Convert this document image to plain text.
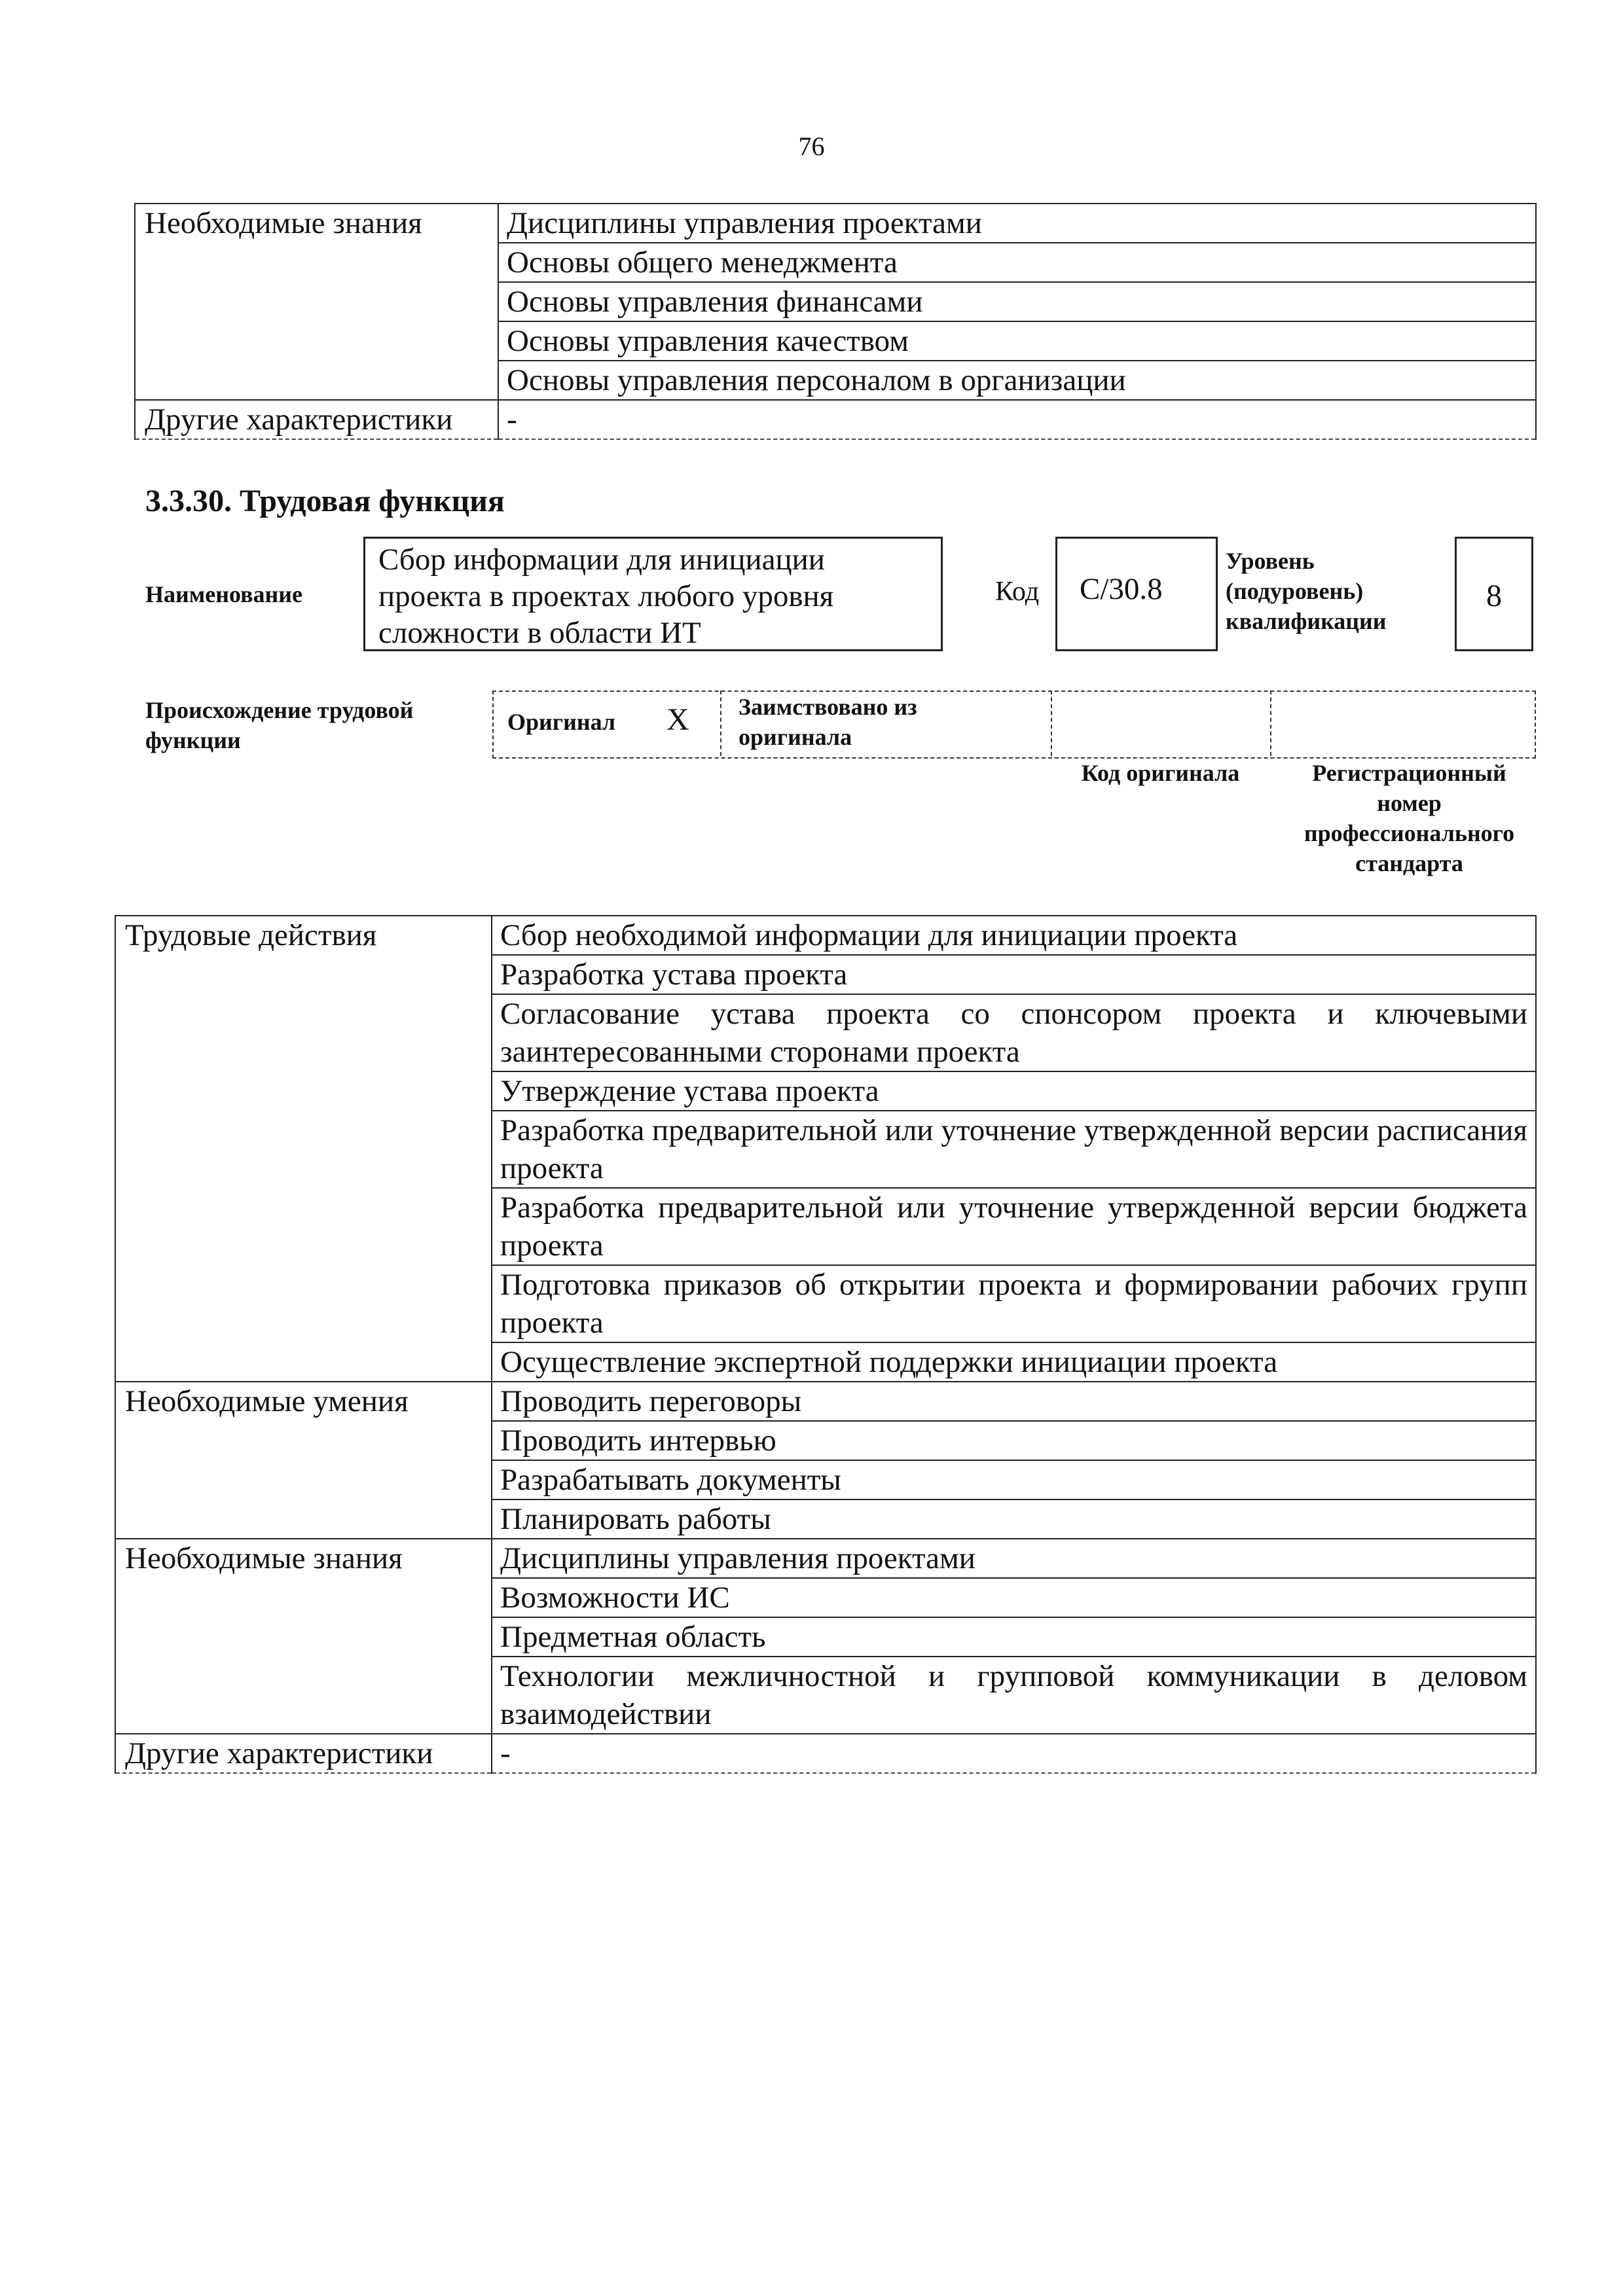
76
Необходимые знания	Дисциплины управления проектами
	Основы общего менеджмента
	Основы управления финансами
	Основы управления качеством
	Основы управления персоналом в организации
Другие характеристики	-
3.3.30. Трудовая функция
Наименование
Сбор информации для инициации проекта в проектах любого уровня сложности в области ИТ
Код	C/30.8
Уровень
(подуровень)
квалификации
8
Происхождение трудовой функции
Оригинал X Заимствовано из оригинала
Код оригинала	Регистрационный номер профессионального стандарта
Трудовые действия	Сбор необходимой информации для инициации проекта
	Разработка устава проекта
	Согласование устава проекта со спонсором проекта и ключевыми заинтересованными сторонами проекта
	Утверждение устава проекта
	Разработка предварительной или уточнение утвержденной версии расписания проекта
	Разработка предварительной или уточнение утвержденной версии бюджета проекта
	Подготовка приказов об открытии проекта и формировании рабочих групп проекта
	Осуществление экспертной поддержки инициации проекта
Необходимые умения	Проводить переговоры
	Проводить интервью
	Разрабатывать документы
	Планировать работы
Необходимые знания	Дисциплины управления проектами
	Возможности ИС
	Предметная область
	Технологии межличностной и групповой коммуникации в деловом взаимодействии
Другие характеристики	-
